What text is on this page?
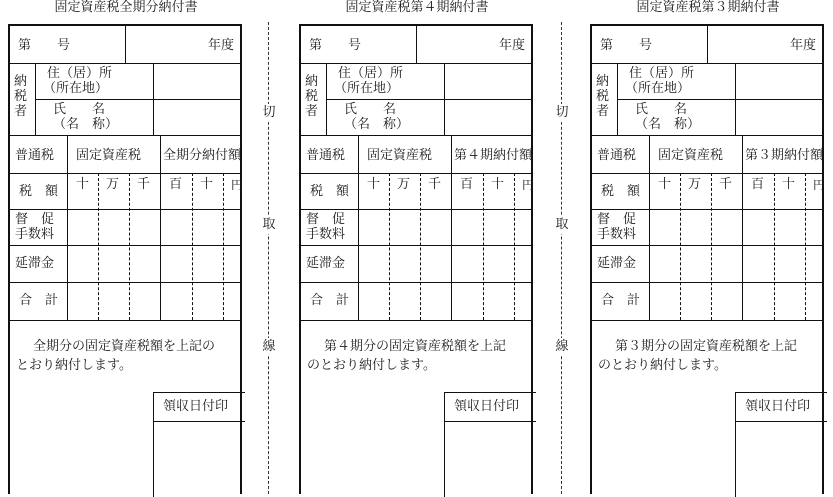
固定資産税全期分納付書
第　　号	年度
納
税
者
住（居）所
（所在地）
氏　　名
（名　称）
普通税 固定資産税 全期分納付額
税　額 十 万 千 百 十 円
督　促
手数料
延滞金
合　計
全期分の固定資産税額を上記の
とおり納付します。
領収日付印
固定資産税第４期納付書
第　　号	年度
納
税
者
住（居）所
（所在地）
氏　　名
（名　称）
普通税 固定資産税 第４期納付額
税　額 十 万 千 百 十 円
督　促
手数料
延滞金
合　計
第４期分の固定資産税額を上記
のとおり納付します。
領収日付印
固定資産税第３期納付書
第　　号	年度
納
税
者
住（居）所
（所在地）
氏　　名
（名　称）
普通税 固定資産税 第３期納付額
税　額 十 万 千 百 十 円
督　促
手数料
延滞金
合　計
第３期分の固定資産税額を上記
のとおり納付します。
領収日付印
切
取
線
切
取
線
